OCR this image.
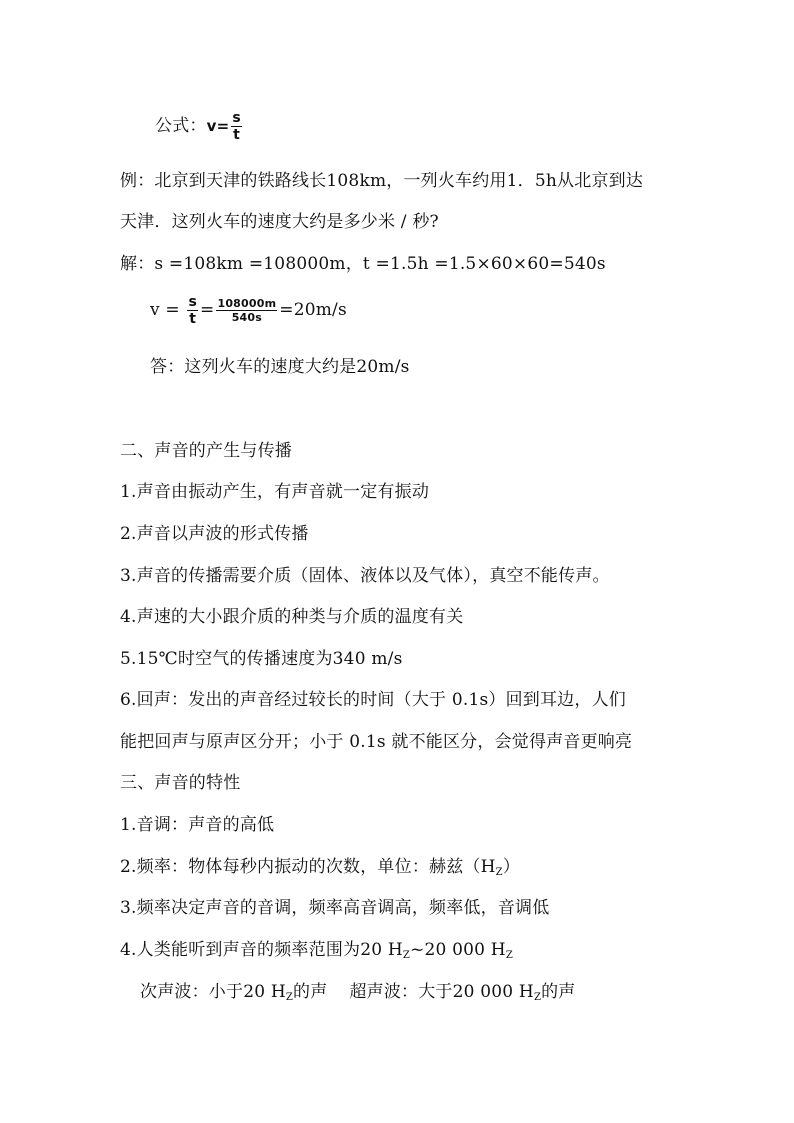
公式：$v= \frac{s}{t}$
例：北京到天津的铁路线长108km，一列火车约用1．5h从北京到达
天津．这列火车的速度大约是多少米 / 秒?
解：s =108km =108000m，t =1.5h =1.5×60×60=540s
$v = \frac{s}{t} = \frac{108000m}{540s} =20m/s$
答：这列火车的速度大约是20m/s
二、声音的产生与传播
1.声音由振动产生，有声音就一定有振动
2.声音以声波的形式传播
3.声音的传播需要介质（固体、液体以及气体），真空不能传声。
4.声速的大小跟介质的种类与介质的温度有关
5.15℃时空气的传播速度为340 m/s
6.回声：发出的声音经过较长的时间（大于 0.1s）回到耳边，人们
能把回声与原声区分开；小于 0.1s 就不能区分，会觉得声音更响亮
三、声音的特性
1.音调：声音的高低
2.频率：物体每秒内振动的次数，单位：赫兹$(H_Z)$
3.频率决定声音的音调，频率高音调高，频率低，音调低
4.人类能听到声音的频率范围为20 $H_Z\sim 20$ 000 $H_Z$
次声波：小于20 $H_Z$的声 超声波：大于20 000 $H_Z$的声
